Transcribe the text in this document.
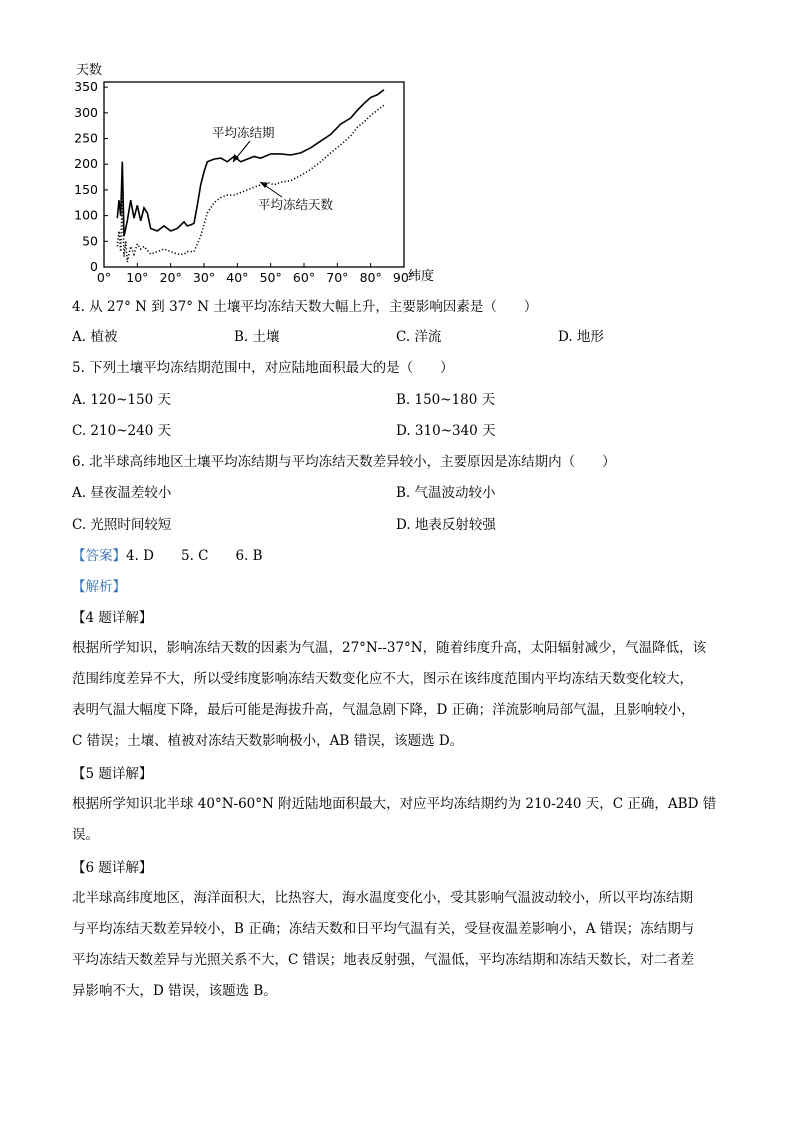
天数
纬度
0
50
100
150
200
250
300
350
0° 10° 20° 30° 40° 50° 60° 70° 80° 90°
平均冻结期
平均冻结天数
4. 从 27° N 到 37° N 土壤平均冻结天数大幅上升，主要影响因素是（　　）
A. 植被	B. 土壤	C. 洋流	D. 地形
5. 下列土壤平均冻结期范围中，对应陆地面积最大的是（　　）
A. 120~150 天	B. 150~180 天
C. 210~240 天	D. 310~340 天
6. 北半球高纬地区土壤平均冻结期与平均冻结天数差异较小，主要原因是冻结期内（　　）
A. 昼夜温差较小	B. 气温波动较小
C. 光照时间较短	D. 地表反射较强
【答案】4. D　　5. C　　6. B
【解析】
【4 题详解】
根据所学知识，影响冻结天数的因素为气温，27°N--37°N，随着纬度升高，太阳辐射减少，气温降低，该
范围纬度差异不大，所以受纬度影响冻结天数变化应不大，图示在该纬度范围内平均冻结天数变化较大，
表明气温大幅度下降，最后可能是海拔升高，气温急剧下降，D 正确；洋流影响局部气温，且影响较小，
C 错误；土壤、植被对冻结天数影响极小，AB 错误，该题选 D。
【5 题详解】
根据所学知识北半球 40°N-60°N 附近陆地面积最大，对应平均冻结期约为 210-240 天，C 正确，ABD 错
误。
【6 题详解】
北半球高纬度地区，海洋面积大，比热容大，海水温度变化小，受其影响气温波动较小，所以平均冻结期
与平均冻结天数差异较小，B 正确；冻结天数和日平均气温有关，受昼夜温差影响小，A 错误；冻结期与
平均冻结天数差异与光照关系不大，C 错误；地表反射强，气温低，平均冻结期和冻结天数长，对二者差
异影响不大，D 错误，该题选 B。
